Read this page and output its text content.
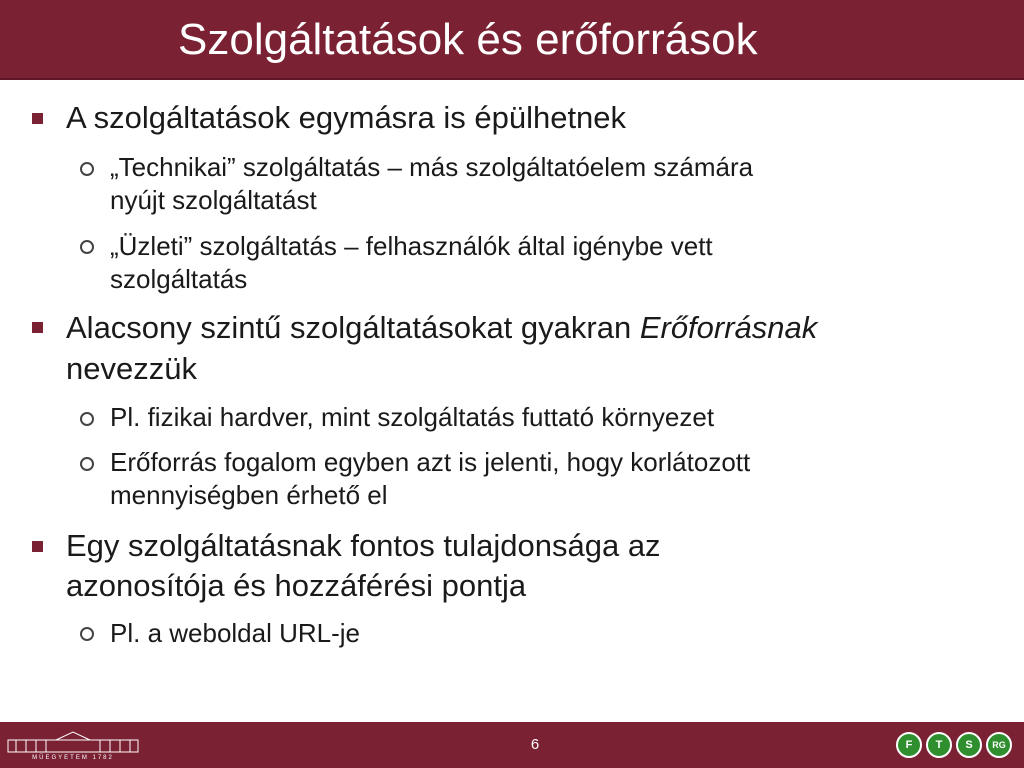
Szolgáltatások és erőforrások
A szolgáltatások egymásra is épülhetnek
„Technikai” szolgáltatás – más szolgáltatóelem számára
nyújt szolgáltatást
„Üzleti” szolgáltatás – felhasználók által igénybe vett
szolgáltatás
Alacsony szintű szolgáltatásokat gyakran Erőforrásnak
nevezzük
Pl. fizikai hardver, mint szolgáltatás futtató környezet
Erőforrás fogalom egyben azt is jelenti, hogy korlátozott
mennyiségben érhető el
Egy szolgáltatásnak fontos tulajdonsága az
azonosítója és hozzáférési pontja
Pl. a weboldal URL-je
MŰEGYETEM 1782
6	F	T	S	RG
